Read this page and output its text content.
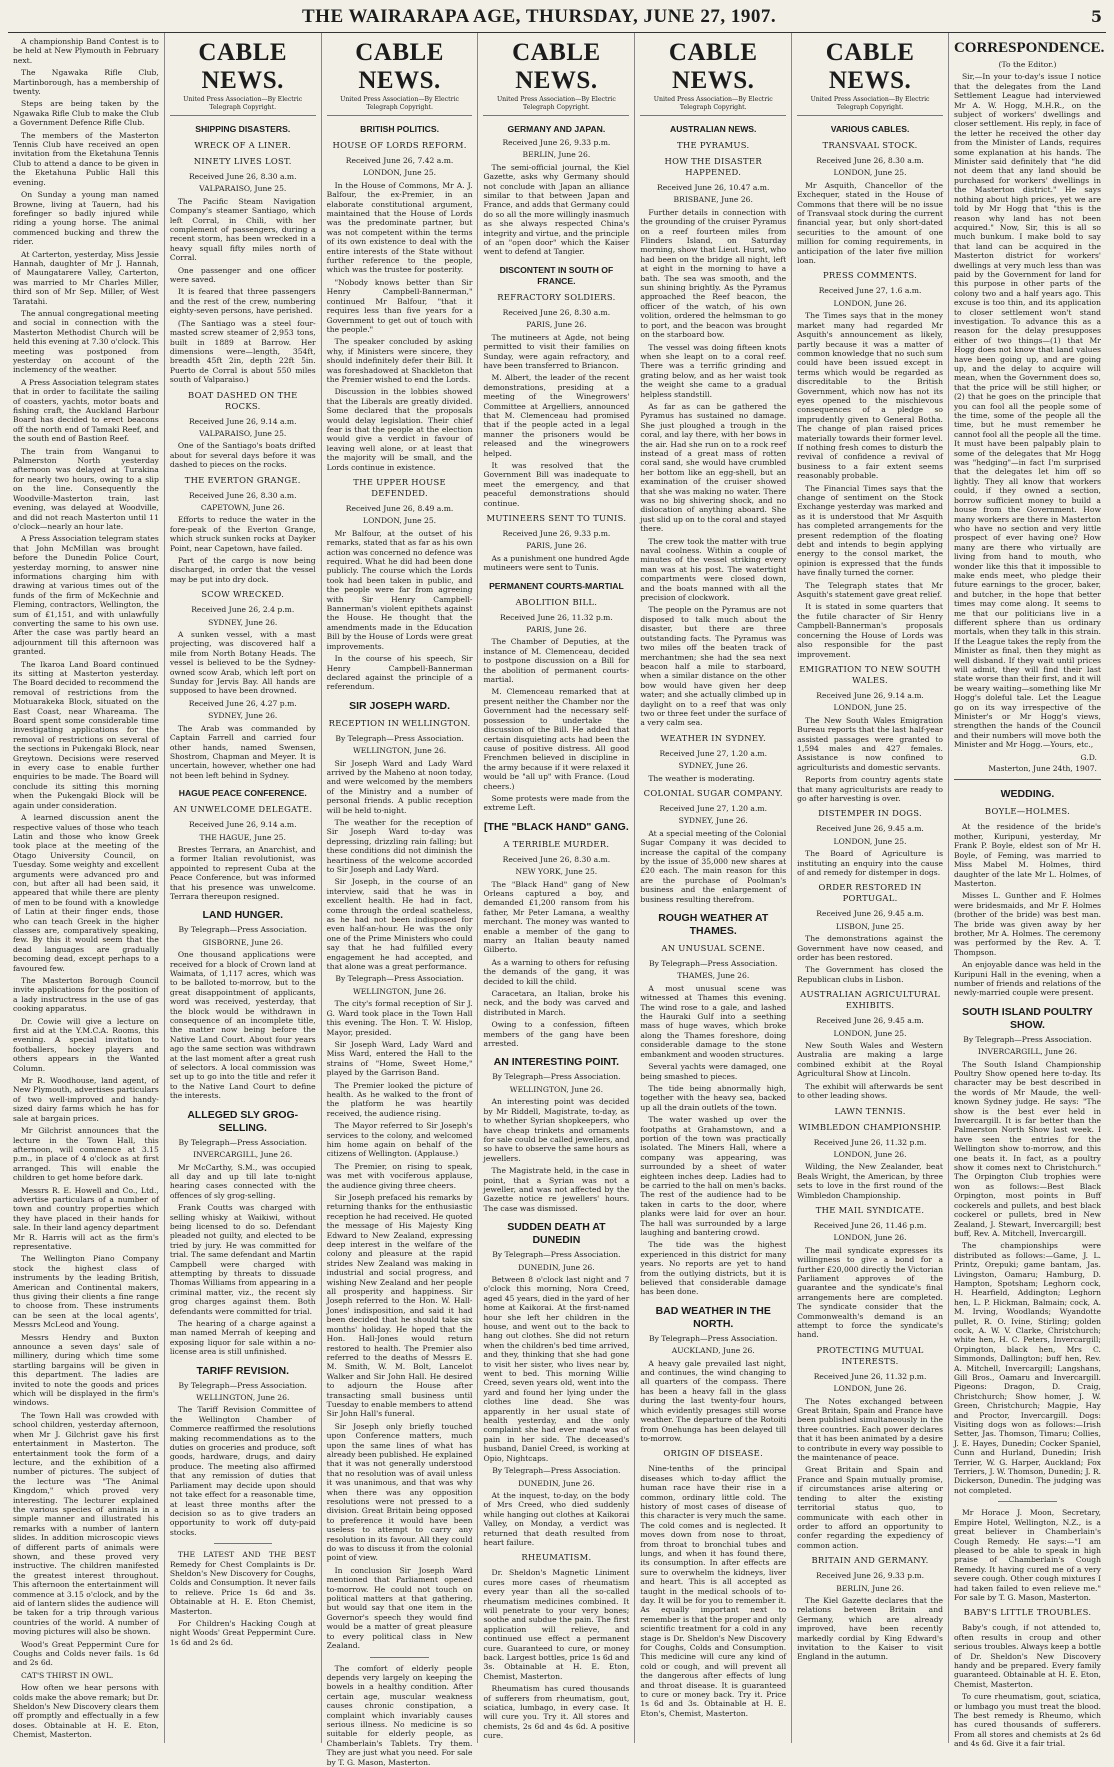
THE WAIRARAPA AGE, THURSDAY, JUNE 27, 1907.	5

A championship Band Contest is to be held at New Plymouth in February next.

The Ngawaka Rifle Club, Martinborough, has a membership of twenty.

Steps are being taken by the Ngawaka Rifle Club to make the Club a Government Defence Rifle Club.

The members of the Masterton Tennis Club have received an open invitation from the Eketahuna Tennis Club to attend a dance to be given in the Eketahuna Public Hall this evening.

On Sunday a young man named Browne, living at Tauern, had his forefinger so badly injured while riding a young horse. The animal commenced bucking and threw the rider.

At Carterton, yesterday, Miss Jessie Hannah, daughter of Mr J. Hannah, of Maungatarere Valley, Carterton, was married to Mr Charles Miller, third son of Mr Sep. Miller, of West Taratahi.

The annual congregational meeting and social in connection with the Masterton Methodist Church will be held this evening at 7.30 o'clock. This meeting was postponed from yesterday on account of the inclemency of the weather.

A Press Association telegram states that in order to facilitate the sailing of coasters, yachts, motor boats and fishing craft, the Auckland Harbour Board has decided to erect beacons off the north end of Tamaki Reef, and the south end of Bastion Reef.

The train from Wanganui to Palmerston North yesterday afternoon was delayed at Turakina for nearly two hours, owing to a slip on the line. Consequently the Woodville-Masterton train, last evening, was delayed at Woodville, and did not reach Masterton until 11 o'clock—nearly an hour late.

A Press Association telegram states that John McMillan was brought before the Dunedin Police Court, yesterday morning, to answer nine informations charging him with drawing at various times out of the funds of the firm of McKechnie and Fleming, contractors, Wellington, the sum of £1,151, and with unlawfully converting the same to his own use. After the case was partly heard an adjournment till this afternoon was granted.

The Ikaroa Land Board continued its sitting at Masterton yesterday. The Board decided to recommend the removal of restrictions from the Motuarakeka Block, situated on the East Coast, near Whareama. The Board spent some considerable time investigating applications for the removal of restrictions on several of the sections in Pukengaki Block, near Greytown. Decisions were reserved in every case to enable further enquiries to be made. The Board will conclude its sitting this morning when the Pukengaki Block will be again under consideration.

A learned discussion anent the respective values of those who teach Latin and those who know Greek took place at the meeting of the Otago University Council, on Tuesday. Some weighty and excellent arguments were advanced pro and con, but after all had been said, it appeared that while there are plenty of men to be found with a knowledge of Latin at their finger ends, those who can teach Greek in the higher classes are, comparatively speaking, few. By this it would seem that the dead languages are gradually becoming dead, except perhaps to a favoured few.

The Masterton Borough Council invite applications for the position of a lady instructress in the use of gas cooking apparatus.

Dr. Cowie will give a lecture on first aid at the Y.M.C.A. Rooms, this evening. A special invitation to footballers, hockey players and others appears in the Wanted Column.

Mr R. Woodhouse, land agent, of New Plymouth, advertises particulars of two well-improved and handy-sized dairy farms which he has for sale at bargain prices.

Mr Gilchrist announces that the lecture in the Town Hall, this afternoon, will commence at 3.15 p.m., in place of 4 o'clock as at first arranged. This will enable the children to get home before dark.

Messrs R. E. Howell and Co., Ltd., advertise particulars of a number of town and country properties which they have placed in their hands for sale. In their land agency department Mr R. Harris will act as the firm's representative.

The Wellington Piano Company stock the highest class of instruments by the leading British, American and Continental makers, thus giving their clients a fine range to choose from. These instruments can be seen at the local agents', Messrs McLeod and Young.

Messrs Hendry and Buxton announce a seven days' sale of millinery, during which time some startling bargains will be given in this department. The ladies are invited to note the goods and prices which will be displayed in the firm's windows.

The Town Hall was crowded with school children, yesterday afternoon, when Mr J. Gilchrist gave his first entertainment in Masterton. The entertainment took the form of a lecture, and the exhibition of a number of pictures. The subject of the lecture was "The Animal Kingdom," which proved very interesting. The lecturer explained the various species of animals in a simple manner and illustrated his remarks with a number of lantern slides. In addition microscopic views of different parts of animals were shown, and these proved very instructive. The children manifested the greatest interest throughout. This afternoon the entertainment will commence at 3.15 o'clock, and by the aid of lantern slides the audience will be taken for a trip through various countries of the world. A number of moving pictures will also be shown.

Wood's Great Peppermint Cure for Coughs and Colds never fails. 1s 6d and 2s 6d.

CAT'S THIRST IN OWL.

How often we hear persons with colds make the above remark; but Dr. Sheldon's New Discovery clears them off promptly and effectually in a few doses. Obtainable at H. E. Eton, Chemist, Masterton.

CABLE NEWS.
United Press Association—By Electric Telegraph Copyright.
SHIPPING DISASTERS.
WRECK OF A LINER.
NINETY LIVES LOST.
Received June 26, 8.30 a.m.
VALPARAISO, June 25.

The Pacific Steam Navigation Company's steamer Santiago, which left Corral, in Chili, with her complement of passengers, during a recent storm, has been wrecked in a heavy squall fifty miles north of Corral.

One passenger and one officer were saved.

It is feared that three passengers and the rest of the crew, numbering eighty-seven persons, have perished.

(The Santiago was a steel four-masted screw steamer of 2,953 tons, built in 1889 at Barrow. Her dimensions were—length, 354ft, breadth 45ft 2in, depth 22ft 5in. Puerto de Corral is about 550 miles south of Valparaiso.)

BOAT DASHED ON THE ROCKS.
Received June 26, 9.14 a.m.
VALPARAISO, June 25.

One of the Santiago's boats drifted about for several days before it was dashed to pieces on the rocks.

THE EVERTON GRANGE.
Received June 26, 8.30 a.m.
CAPETOWN, June 26.

Efforts to reduce the water in the fore-peak of the Everton Grange, which struck sunken rocks at Dayker Point, near Capetown, have failed.

Part of the cargo is now being discharged, in order that the vessel may be put into dry dock.

SCOW WRECKED.
Received June 26, 2.4 p.m.
SYDNEY, June 26.

A sunken vessel, with a mast projecting, was discovered half a mile from North Botany Heads. The vessel is believed to be the Sydney-owned scow Arab, which left port on Sunday for Jervis Bay. All hands are supposed to have been drowned.

Received June 26, 4.27 p.m.
SYDNEY, June 26.

The Arab was commanded by Captain Farrell and carried four other hands, named Swensen, Shostrom, Chapman and Meyer. It is uncertain, however, whether one had not been left behind in Sydney.

HAGUE PEACE CONFERENCE.
AN UNWELCOME DELEGATE.
Received June 26, 9.14 a.m.
THE HAGUE, June 25.

Brestes Terrara, an Anarchist, and a former Italian revolutionist, was appointed to represent Cuba at the Peace Conference, but was informed that his presence was unwelcome. Terrara thereupon resigned.

LAND HUNGER.
By Telegraph—Press Association.
GISBORNE, June 26.

One thousand applications were received for a block of Crown land at Waimata, of 1,117 acres, which was to be balloted to-morrow, but to the great disappointment of applicants, word was received, yesterday, that the block would be withdrawn in consequence of an incomplete title, the matter now being before the Native Land Court. About four years ago the same section was withdrawn at the last moment after a great rush of selectors. A local commission was set up to go into the title and refer it to the Native Land Court to define the interests.

ALLEGED SLY GROG-SELLING.
By Telegraph—Press Association.
INVERCARGILL, June 26.

Mr McCarthy, S.M., was occupied all day and up till late to-night hearing cases connected with the offences of sly grog-selling.

Frank Coutts was charged with selling whisky at Waikiwi, without being licensed to do so. Defendant pleaded not guilty, and elected to be tried by jury. He was committed for trial. The same defendant and Martin Campbell were charged with attempting by threats to dissuade Thomas Williams from appearing in a criminal matter, viz., the recent sly grog charges against them. Both defendants were committed for trial.

The hearing of a charge against a man named Merrah of keeping and exposing liquor for sale within a no-license area is still unfinished.

TARIFF REVISION.
By Telegraph—Press Association.
WELLINGTON, June 26.

The Tariff Revision Committee of the Wellington Chamber of Commerce reaffirmed the resolutions making recommendations as to the duties on groceries and produce, soft goods, hardware, drugs, and dairy produce. The meeting also affirmed that any remission of duties that Parliament may decide upon should not take effect for a reasonable time, at least three months after the decision so as to give traders an opportunity to work off duty-paid stocks.

THE LATEST AND THE BEST Remedy for Chest Complaints is Dr. Sheldon's New Discovery for Coughs, Colds and Consumption. It never fails to relieve. Price 1s 6d and 3s. Obtainable at H. E. Eton Chemist, Masterton.

For Children's Hacking Cough at night Woods' Great Peppermint Cure. 1s 6d and 2s 6d.

CABLE NEWS.
United Press Association—By Electric Telegraph Copyright.
BRITISH POLITICS.
HOUSE OF LORDS REFORM.
Received June 26, 7.42 a.m.
LONDON, June 25.

In the House of Commons, Mr A. J. Balfour, the ex-Premier, in an elaborate constitutional argument, maintained that the House of Lords was the predominate partner, but was not competent within the terms of its own existence to deal with the entire interests of the State without further reference to the people, which was the trustee for posterity.

"Nobody knows better than Sir Henry Campbell-Bannerman," continued Mr Balfour, "that it requires less than five years for a Government to get out of touch with the people."

The speaker concluded by asking why, if Ministers were sincere, they should indefinitely defer their Bill. It was foreshadowed at Shackleton that the Premier wished to end the Lords.

Discussion in the lobbies showed that the Liberals are greatly divided. Some declared that the proposals would delay legislation. Their chief fear is that the people at the election would give a verdict in favour of leaving well alone, or at least that the majority will be small, and the Lords continue in existence.

THE UPPER HOUSE DEFENDED.
Received June 26, 8.49 a.m.
LONDON, June 25.

Mr Balfour, at the outset of his remarks, stated that as far as his own action was concerned no defence was required. What he did had been done publicly. The course which the Lords took had been taken in public, and the people were far from agreeing with Sir Henry Campbell-Bannerman's violent epithets against the House. He thought that the amendments made in the Education Bill by the House of Lords were great improvements.

In the course of his speech, Sir Henry Campbell-Bannerman declared against the principle of a referendum.

SIR JOSEPH WARD.
RECEPTION IN WELLINGTON.
By Telegraph—Press Association.
WELLINGTON, June 26.

Sir Joseph Ward and Lady Ward arrived by the Maheno at noon today, and were welcomed by the members of the Ministry and a number of personal friends. A public reception will be held to-night.

The weather for the reception of Sir Joseph Ward to-day was depressing, drizzling rain falling; but these conditions did not diminish the heartiness of the welcome accorded to Sir Joseph and Lady Ward.

Sir Joseph, in the course of an interview, said that he was in excellent health. He had in fact, come through the ordeal scatheless, as he had not been indisposed for even half-an-hour. He was the only one of the Prime Ministers who could say that he had fulfilled every engagement he had accepted, and that alone was a great performance.

By Telegraph—Press Association.
WELLINGTON, June 26.

The city's formal reception of Sir J. G. Ward took place in the Town Hall this evening. The Hon. T. W. Hislop, Mayor, presided.

Sir Joseph Ward, Lady Ward and Miss Ward, entered the Hall to the strains of "Home, Sweet Home," played by the Garrison Band.

The Premier looked the picture of health. As he walked to the front of the platform he was heartily received, the audience rising.

The Mayor referred to Sir Joseph's services to the colony, and welcomed him home again on behalf of the citizens of Wellington. (Applause.)

The Premier, on rising to speak, was met with vociferous applause, the audience giving three cheers.

Sir Joseph prefaced his remarks by returning thanks for the enthusiastic reception he had received. He quoted the message of His Majesty King Edward to New Zealand, expressing deep interest in the welfare of the colony and pleasure at the rapid strides New Zealand was making in industrial and social progress, and wishing New Zealand and her people all prosperity and happiness. Sir Joseph referred to the Hon. W. Hall-Jones' indisposition, and said it had been decided that he should take six months' holiday. He hoped that the Hon. Hall-Jones would return restored to health. The Premier also referred to the deaths of Messrs E. M. Smith, W. M. Bolt, Lancelot Walker and Sir John Hall. He desired to adjourn the House after transacting small business until Tuesday to enable members to attend Sir John Hall's funeral.

Sir Joseph only briefly touched upon Conference matters, much upon the same lines of what has already been published. He explained that it was not generally understood that no resolution was of avail unless it was unanimous, and that was why when there was any opposition resolutions were not pressed to a division. Great Britain being opposed to preference it would have been useless to attempt to carry any resolution in its favour. All they could do was to discuss it from the colonial point of view.

In conclusion Sir Joseph Ward mentioned that Parliament opened to-morrow. He could not touch on political matters at that gathering, but would say that one item in the Governor's speech they would find would be a matter of great pleasure to every political class in New Zealand.

The comfort of elderly people depends very largely on keeping the bowels in a healthy condition. After certain age, muscular weakness causes chronic constipation, a complaint which invariably causes serious illness. No medicine is so suitable for elderly people, as Chamberlain's Tablets. Try them. They are just what you need. For sale by T. G. Mason, Masterton.

CABLE NEWS.
United Press Association—By Electric Telegraph Copyright.
GERMANY AND JAPAN.
Received June 26, 9.33 p.m.
BERLIN, June 26.

The semi-official journal, the Kiel Gazette, asks why Germany should not conclude with Japan an alliance similar to that between Japan and France, and adds that Germany could do so all the more willingly inasmuch as she always respected China's integrity and virtue, and the principle of an "open door" which the Kaiser went to defend at Tangier.

DISCONTENT IN SOUTH OF FRANCE.
REFRACTORY SOLDIERS.
Received June 26, 8.30 a.m.
PARIS, June 26.

The mutineers at Agde, not being permitted to visit their families on Sunday, were again refractory, and have been transferred to Briancon.

M. Albert, the leader of the recent demonstrations, presiding at a meeting of the Winegrowers' Committee at Argelliers, announced that M. Clemenceau had promised that if the people acted in a legal manner the prisoners would be released and the winegrowers helped.

It was resolved that the Government Bill was inadequate to meet the emergency, and that peaceful demonstrations should continue.

MUTINEERS SENT TO TUNIS.
Received June 26, 9.33 p.m.
PARIS, June 26.

As a punishment one hundred Agde mutineers were sent to Tunis.

PERMANENT COURTS-MARTIAL
ABOLITION BILL.
Received June 26, 11.32 p.m.
PARIS, June 26.

The Chamber of Deputies, at the instance of M. Clemenceau, decided to postpone discussion on a Bill for the abolition of permanent courts-martial.

M. Clemenceau remarked that at present neither the Chamber nor the Government had the necessary self-possession to undertake the discussion of the Bill. He added that certain disquieting acts had been the cause of positive distress. All good Frenchmen believed in discipline in the army because if it were relaxed it would be "all up" with France. (Loud cheers.)

Some protests were made from the extreme Left.

[THE "BLACK HAND" GANG.
A TERRIBLE MURDER.
Received June 26, 8.30 a.m.
NEW YORK, June 25.

The "Black Hand" gang of New Orleans captured a boy, and demanded £1,200 ransom from his father, Mr Peter Lamana, a wealthy merchant. The money was wanted to enable a member of the gang to marry an Italian beauty named Gilberto.

As a warning to others for refusing the demands of the gang, it was decided to kill the child.

Caracetara, an Italian, broke his neck, and the body was carved and distributed in March.

Owing to a confession, fifteen members of the gang have been arrested.

AN INTERESTING POINT.
By Telegraph—Press Association.
WELLINGTON, June 26.

An interesting point was decided by Mr Riddell, Magistrate, to-day, as to whether Syrian shopkeepers, who have cheap trinkets and ornaments for sale could be called jewellers, and so have to observe the same hours as jewellers.

The Magistrate held, in the case in point, that a Syrian was not a jeweller, and was not affected by the Gazette notice re jewellers' hours. The case was dismissed.

SUDDEN DEATH AT DUNEDIN
By Telegraph—Press Association.
DUNEDIN, June 26.

Between 8 o'clock last night and 7 o'clock this morning, Nora Creed, aged 45 years, died in the yard of her home at Kaikorai. At the first-named hour she left her children in the house, and went out to the back to hang out clothes. She did not return when the children's bed time arrived, and they, thinking that she had gone to visit her sister, who lives near by, went to bed. This morning Willie Creed, seven years old, went into the yard and found her lying under the clothes line dead. She was apparently in her usual state of health yesterday, and the only complaint she had ever made was of pain in her side. The deceased's husband, Daniel Creed, is working at Opio, Nightcaps.

By Telegraph—Press Association.
DUNEDIN, June 26.

At the inquest, to-day, on the body of Mrs Creed, who died suddenly while hanging out clothes at Kaikorai Valley, on Monday, a verdict was returned that death resulted from heart failure.

RHEUMATISM.

Dr. Sheldon's Magnetic Liniment cures more cases of rheumatism every year than all the so-called rheumatism medicines combined. It will penetrate to your very bones; soothe and subdue the pain. The first application will relieve, and continued use effect a permanent cure. Guaranteed to cure, or money back. Largest bottles, price 1s 6d and 3s. Obtainable at H. E. Eton, Chemist, Masterton.

Rheumatism has cured thousands of sufferers from rheumatism, gout, sciatica, lumbago, in every case. It will cure you. Try it. All stores and chemists, 2s 6d and 4s 6d. A positive cure.

CABLE NEWS.
United Press Association—By Electric Telegraph Copyright.
AUSTRALIAN NEWS.
THE PYRAMUS.
HOW THE DISASTER HAPPENED.
Received June 26, 10.47 a.m.
BRISBANE, June 26.

Further details in connection with the grounding of the cruiser Pyramus on a reef fourteen miles from Flinders Island, on Saturday morning, show that Lieut. Hurst, who had been on the bridge all night, left at eight in the morning to have a bath. The sea was smooth, and the sun shining brightly. As the Pyramus approached the Reef beacon, the officer of the watch, of his own volition, ordered the helmsman to go to port, and the beacon was brought on the starboard bow.

The vessel was doing fifteen knots when she leapt on to a coral reef. There was a terrific grinding and grating below, and as her waist took the weight she came to a gradual helpless standstill.

As far as can be gathered the Pyramus has sustained no damage. She just ploughed a trough in the coral, and lay there, with her bows in the air. Had she run on to a rock reef instead of a great mass of rotten coral sand, she would have crumbled her bottom like an egg-shell, but an examination of the cruiser showed that she was making no water. There was no big shivering shock, and no dislocation of anything aboard. She just slid up on to the coral and stayed there.

The crew took the matter with true naval coolness. Within a couple of minutes of the vessel striking every man was at his post. The watertight compartments were closed down, and the boats manned with all the precision of clockwork.

The people on the Pyramus are not disposed to talk much about the disaster, but there are three outstanding facts. The Pyramus was two miles off the beaten track of merchantmen; she had the sea next beacon half a mile to starboard, when a similar distance on the other bow would have given her deep water; and she actually climbed up in daylight on to a reef that was only two or three feet under the surface of a very calm sea.

WEATHER IN SYDNEY.
Received June 27, 1.20 a.m.
SYDNEY, June 26.

The weather is moderating.

COLONIAL SUGAR COMPANY.
Received June 27, 1.20 a.m.
SYDNEY, June 26.

At a special meeting of the Colonial Sugar Company it was decided to increase the capital of the company by the issue of 35,000 new shares at £20 each. The main reason for this are the purchase of Poolman's business and the enlargement of business resulting therefrom.

ROUGH WEATHER AT THAMES.
AN UNUSUAL SCENE.
By Telegraph—Press Association.
THAMES, June 26.

A most unusual scene was witnessed at Thames this evening. The wind rose to a gale, and lashed the Hauraki Gulf into a seething mass of huge waves, which broke along the Thames foreshore, doing considerable damage to the stone embankment and wooden structures.

Several yachts were damaged, one being smashed to pieces.

The tide being abnormally high, together with the heavy sea, backed up all the drain outlets of the town.

The water washed up over the footpaths at Grahamstown, and a portion of the town was practically isolated. The Miners Hall, where a company was appearing, was surrounded by a sheet of water eighteen inches deep. Ladies had to be carried to the hall on men's backs. The rest of the audience had to be taken in carts to the door, where planks were laid for over an hour. The hall was surrounded by a large laughing and bantering crowd.

The tide was the highest experienced in this district for many years. No reports are yet to hand from the outlying districts, but it is believed that considerable damage has been done.

BAD WEATHER IN THE NORTH.
By Telegraph—Press Association.
AUCKLAND, June 26.

A heavy gale prevailed last night, and continues, the wind changing to all quarters of the compass. There has been a heavy fall in the glass during the last twenty-four hours, which evidently presages still worse weather. The departure of the Rotoiti from Onehunga has been delayed till to-morrow.

ORIGIN OF DISEASE.

Nine-tenths of the principal diseases which to-day afflict the human race have their rise in a common, ordinary little cold. The history of most cases of disease of this character is very much the same. The cold comes and is neglected. It moves down from nose to throat, from throat to bronchial tubes and lungs, and when it has found there, its consumption. In after effects are sure to overwhelm the kidneys, liver and heart. This is all accepted as taught in the medical schools of to-day. It will be for you to remember it. As equally important next to remember is that the proper and only scientific treatment for a cold in any stage is Dr. Sheldon's New Discovery for Coughs, Colds and Consumption. This medicine will cure any kind of cold or cough, and will prevent all the dangerous after effects of lung and throat disease. It is guaranteed to cure or money back. Try it. Price 1s 6d and 3s. Obtainable at H. E. Eton's, Chemist, Masterton.

CABLE NEWS.
United Press Association—By Electric Telegraph Copyright.
VARIOUS CABLES.
TRANSVAAL STOCK.
Received June 26, 8.30 a.m.
LONDON, June 25.

Mr Asquith, Chancellor of the Exchequer, stated in the House of Commons that there will be no issue of Transvaal stock during the current financial year, but only short-dated securities to the amount of one million for coming requirements, in anticipation of the later five million loan.

PRESS COMMENTS.
Received June 27, 1.6 a.m.
LONDON, June 26.

The Times says that in the money market many had regarded Mr Asquith's announcement as likely, partly because it was a matter of common knowledge that no such sum could have been issued except in terms which would be regarded as discreditable to the British Government, which now has not its eyes opened to the mischievous consequences of a pledge so imprudently given to General Botha. The change of plan raised prices materially towards their former level. If nothing fresh comes to disturb the revival of confidence a revival of business to a fair extent seems reasonably probable.

The Financial Times says that the change of sentiment on the Stock Exchange yesterday was marked and as it is understood that Mr Asquith has completed arrangements for the present redemption of the floating debt and intends to begin applying energy to the consol market, the opinion is expressed that the funds have finally turned the corner.

The Telegraph states that Mr Asquith's statement gave great relief.

It is stated in some quarters that the futile character of Sir Henry Campbell-Bannerman's proposals concerning the House of Lords was also responsible for the past improvement.

EMIGRATION TO NEW SOUTH WALES.
Received June 26, 9.14 a.m.
LONDON, June 25.

The New South Wales Emigration Bureau reports that the last half-year assisted passages were granted to 1,594 males and 427 females. Assistance is now confined to agriculturists and domestic servants.

Reports from country agents state that many agriculturists are ready to go after harvesting is over.

DISTEMPER IN DOGS.
Received June 26, 9.45 a.m.
LONDON, June 25.

The Board of Agriculture is instituting an enquiry into the cause of and remedy for distemper in dogs.

ORDER RESTORED IN PORTUGAL.
Received June 26, 9.45 a.m.
LISBON, June 25.

The demonstrations against the Government have now ceased, and order has been restored.

The Government has closed the Republican clubs in Lisbon.

AUSTRALIAN AGRICULTURAL EXHIBITS.
Received June 26, 9.45 a.m.
LONDON, June 25.

New South Wales and Western Australia are making a large combined exhibit at the Royal Agricultural Show at Lincoln.

The exhibit will afterwards be sent to other leading shows.

LAWN TENNIS.
WIMBLEDON CHAMPIONSHIP.
Received June 26, 11.32 p.m.
LONDON, June 26.

Wilding, the New Zealander, beat Beals Wright, the American, by three sets to love in the first round of the Wimbledon Championship.

THE MAIL SYNDICATE.
Received June 26, 11.46 p.m.
LONDON, June 26.

The mail syndicate expresses its willingness to give a bond for a further £20,000 directly the Victorian Parliament approves of the guarantee and the syndicate's final arrangements here are completed. The syndicate consider that the Commonwealth's demand is an attempt to force the syndicate's hand.

PROTECTING MUTUAL INTERESTS.
Received June 26, 11.32 p.m.
LONDON, June 26.

The Notes exchanged between Great Britain, Spain and France have been published simultaneously in the three countries. Each power declares that it has been animated by a desire to contribute in every way possible to the maintenance of peace.

Great Britain and Spain and France and Spain mutually promise, if circumstances arise altering or tending to alter the existing territorial status quo, to communicate with each other in order to afford an opportunity to confer regarding the expediency of common action.

BRITAIN AND GERMANY.
Received June 26, 9.33 p.m.
BERLIN, June 26.

The Kiel Gazette declares that the relations between Britain and Germany, which are already improved, have been recently markedly cordial by King Edward's invitation to the Kaiser to visit England in the autumn.

CORRESPONDENCE.
(To the Editor.)

Sir,—In your to-day's issue I notice that the delegates from the Land Settlement League had interviewed Mr A. W. Hogg, M.H.R., on the subject of workers' dwellings and closer settlement. His reply, in face of the letter he received the other day from the Minister of Lands, requires some explanation at his hands. The Minister said definitely that "he did not deem that any land should be purchased for workers' dwellings in the Masterton district." He says nothing about high prices, yet we are told by Mr Hogg that "this is the reason why land has not been acquired." Now, Sir, this is all so much bunkum. I make bold to say that land can be acquired in the Masterton district for workers' dwellings at very much less than was paid by the Government for land for this purpose in other parts of the colony two and a half years ago. This excuse is too thin, and its application to closer settlement won't stand investigation. To advance this as a reason for the delay presupposes either of two things—(1) that Mr Hogg does not know that land values have been going up, and are going up, and the delay to acquire will mean, when the Government does so, that the price will be still higher, or (2) that he goes on the principle that you can fool all the people some of the time, some of the people all the time, but he must remember he cannot fool all the people all the time. It must have been palpably plain to some of the delegates that Mr Hogg was "hedging"—in fact I'm surprised that the delegates let him off so lightly. They all know that workers could, if they owned a section, borrow sufficient money to build a house from the Government. How many workers are there in Masterton who have no section and very little prospect of ever having one? How many are there who virtually are living from hand to mouth, who wonder like this that it impossible to make ends meet, who pledge their future earnings to the grocer, baker, and butcher, in the hope that better times may come along. It seems to me that our politicians live in a different sphere than us ordinary mortals, when they talk in this strain. If the League takes the reply from the Minister as final, then they might as well disband. If they wait until prices will admit, they will find their last state worse than their first, and it will be weary waiting—something like Mr Hogg's doleful tale. Let the League go on its way irrespective of the Minister's or Mr Hogg's views, strengthen the hands of the Council and their numbers will move both the Minister and Mr Hogg.—Yours, etc.,

G.D.
Masterton, June 24th, 1907.
WEDDING.
BOYLE—HOLMES.

At the residence of the bride's mother, Kuripuni, yesterday, Mr Frank P. Boyle, eldest son of Mr H. Boyle, of Feming, was married to Miss Mabel M. Holmes, third daughter of the late Mr L. Holmes, of Masterton.

Misses L. Gunther and F. Holmes were bridesmaids, and Mr F. Holmes (brother of the bride) was best man. The bride was given away by her brother, Mr A. Holmes. The ceremony was performed by the Rev. A. T. Thompson.

An enjoyable dance was held in the Kuripuni Hall in the evening, when a number of friends and relations of the newly-married couple were present.

SOUTH ISLAND POULTRY SHOW.
By Telegraph—Press Association.
INVERCARGILL, June 26.

The South Island Championship Poultry Show opened here to-day. Its character may be best described in the words of Mr Maude, the well-known Sydney judge. He says: "The show is the best ever held in Invercargill. It is far better than the Palmerston North Show last week. I have seen the entries for the Wellington show to-morrow, and this one beats it. In fact, as a poultry show it comes next to Christchurch." The Orpington Club trophies were won as follows:—Best Black Orpington, most points in Buff cockerels and pullets, and best black cockerel or pullets, bred in New Zealand, J. Stewart, Invercargill; best buff, Rev. A. Mitchell, Invercargill.

The championships were distributed as follows:—Game, J. L. Printz, Orepuki; game bantam, Jas. Livingston, Oamaru; Hamburg, D. Hampton, Spotsham; Leghorn cock, H. Hearfield, Addington; Leghorn hen, L. P. Hickman, Balmain; cock, A. M. Irving, Woodlands; Wyandotte pullet, R. O. Ivine, Stirling; golden cock, A. W. V. Clarke, Christchurch; white hen, H. C. Peters, Invercargill; Orpington, black hen, Mrs C. Simmonds, Dallington; buff hen, Rev. A. Mitchell, Invercargill; Langshans, Gill Bros., Oamaru and Invercargill. Pigeons: Dragon, D. Craig, Christchurch; Show homer, J. W. Green, Christchurch; Magpie, Hay and Proctor, Invercargill. Dogs: Visiting dogs won as follows:—Irish Setter, Jas. Thomson, Timaru; Collies, J. E. Hayes, Dunedin; Cocker Spaniel, Cunn and Hurland, Dunedin; Irish Terrier, W. G. Harper, Auckland; Fox Terriers, J. W. Thomson, Dunedin; J. R. Dickerson, Dunedin. The judging was not completed.

Mr Horace J. Moon, Secretary, Empire Hotel, Wellington, N.Z., is a great believer in Chamberlain's Cough Remedy. He says:—"I am pleased to be able to speak in high praise of Chamberlain's Cough Remedy. It having cured me of a very severe cough. Other cough mixtures I had taken failed to even relieve me." For sale by T. G. Mason, Masterton.

BABY'S LITTLE TROUBLES.

Baby's cough, if not attended to, often results in croup and other serious troubles. Always keep a bottle of Dr. Sheldon's New Discovery handy and be prepared. Every family guaranteed. Obtainable at H. E. Eton, Chemist, Masterton.

To cure rheumatism, gout, sciatica, or lumbago you must treat the blood. The best remedy is Rheumo, which has cured thousands of sufferers. From all stores and chemists at 2s 6d and 4s 6d. Give it a fair trial.
